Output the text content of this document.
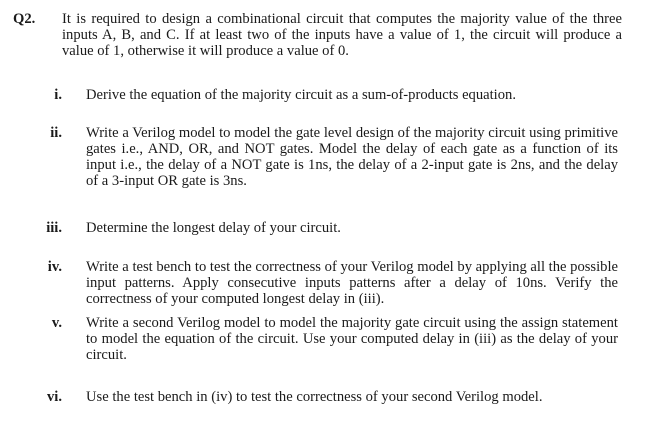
Q2. It is required to design a combinational circuit that computes the majority value of the three inputs A, B, and C. If at least two of the inputs have a value of 1, the circuit will produce a value of 1, otherwise it will produce a value of 0.
i. Derive the equation of the majority circuit as a sum-of-products equation.
ii. Write a Verilog model to model the gate level design of the majority circuit using primitive gates i.e., AND, OR, and NOT gates. Model the delay of each gate as a function of its input i.e., the delay of a NOT gate is 1ns, the delay of a 2-input gate is 2ns, and the delay of a 3-input OR gate is 3ns.
iii. Determine the longest delay of your circuit.
iv. Write a test bench to test the correctness of your Verilog model by applying all the possible input patterns. Apply consecutive inputs patterns after a delay of 10ns. Verify the correctness of your computed longest delay in (iii).
v. Write a second Verilog model to model the majority gate circuit using the assign statement to model the equation of the circuit. Use your computed delay in (iii) as the delay of your circuit.
vi. Use the test bench in (iv) to test the correctness of your second Verilog model.
